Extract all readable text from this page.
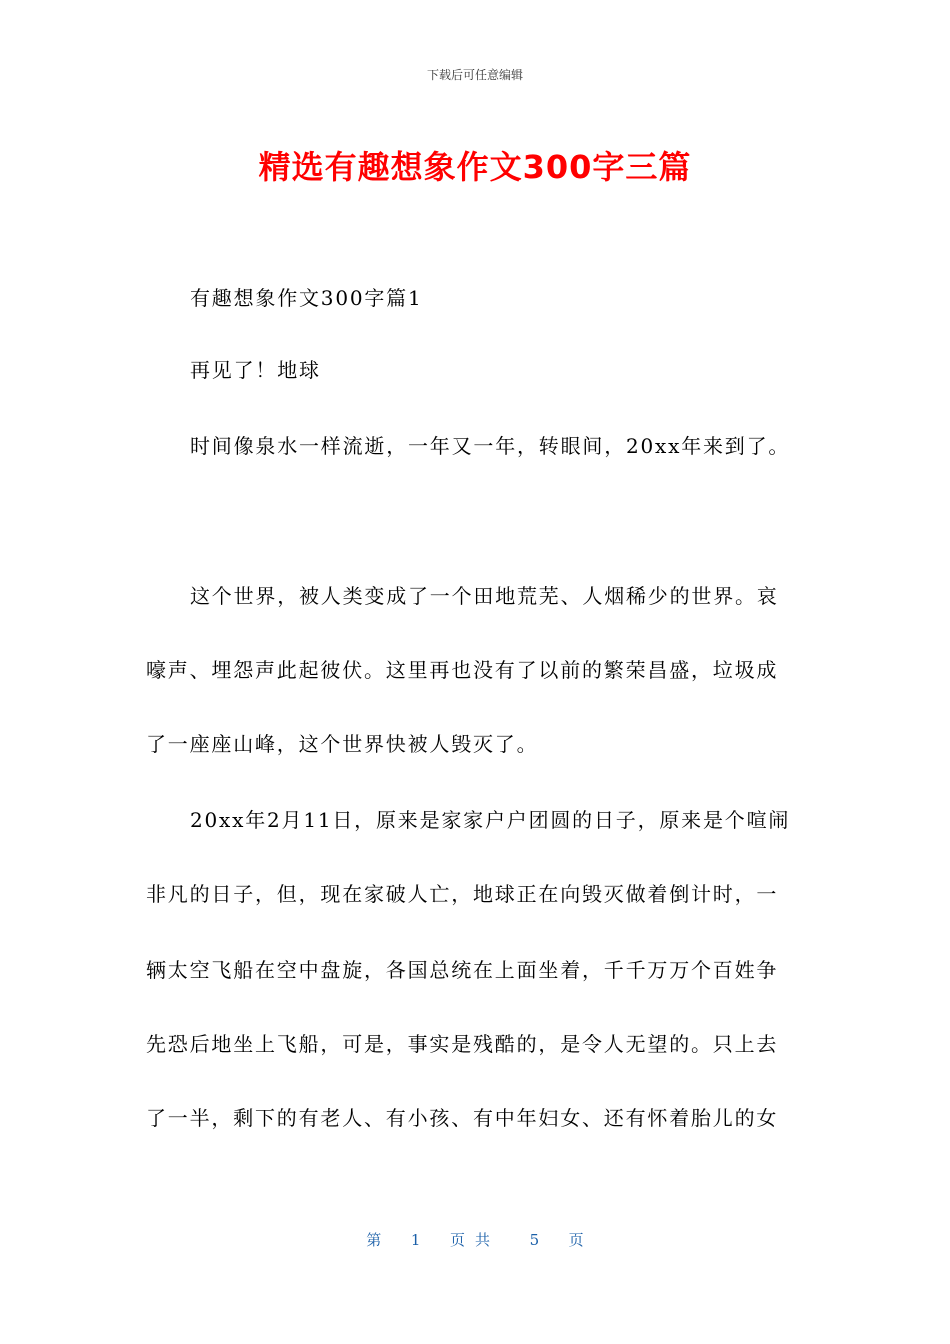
下载后可任意编辑
精选有趣想象作文300字三篇
有趣想象作文300字篇1
再见了！地球
时间像泉水一样流逝，一年又一年，转眼间，20xx年来到了。
这个世界，被人类变成了一个田地荒芜、人烟稀少的世界。哀
嚎声、埋怨声此起彼伏。这里再也没有了以前的繁荣昌盛，垃圾成
了一座座山峰，这个世界快被人毁灭了。
20xx年2月11日，原来是家家户户团圆的日子，原来是个喧闹
非凡的日子，但，现在家破人亡，地球正在向毁灭做着倒计时，一
辆太空飞船在空中盘旋，各国总统在上面坐着，千千万万个百姓争
先恐后地坐上飞船，可是，事实是残酷的，是令人无望的。只上去
了一半，剩下的有老人、有小孩、有中年妇女、还有怀着胎儿的女
第 1 页共 5 页
